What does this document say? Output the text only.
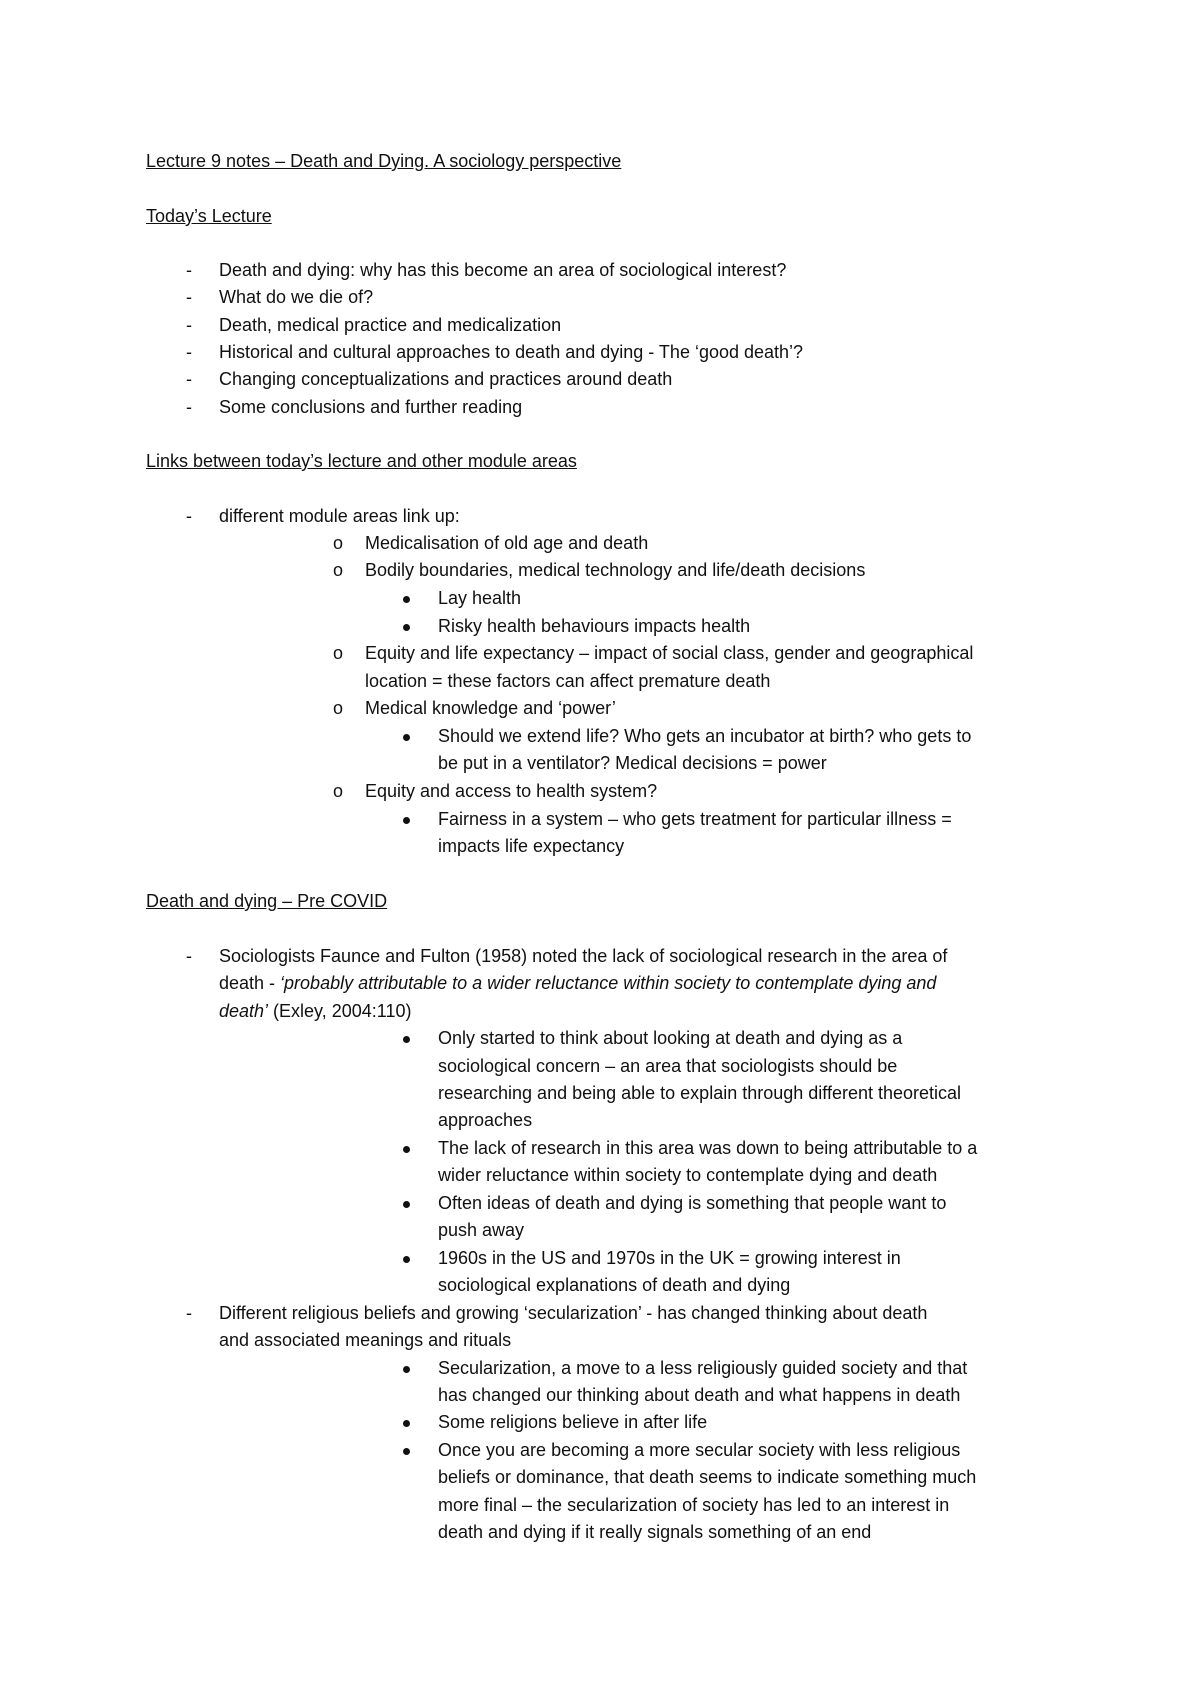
Lecture 9 notes – Death and Dying. A sociology perspective
Today’s Lecture
- Death and dying: why has this become an area of sociological interest?
- What do we die of?
- Death, medical practice and medicalization
- Historical and cultural approaches to death and dying - The ‘good death’?
- Changing conceptualizations and practices around death
- Some conclusions and further reading
Links between today’s lecture and other module areas
- different module areas link up:
o Medicalisation of old age and death
o Bodily boundaries, medical technology and life/death decisions
Lay health
Risky health behaviours impacts health
o Equity and life expectancy – impact of social class, gender and geographical
location = these factors can affect premature death
o Medical knowledge and ‘power’
Should we extend life? Who gets an incubator at birth? who gets to
be put in a ventilator? Medical decisions = power
o Equity and access to health system?
Fairness in a system – who gets treatment for particular illness =
impacts life expectancy
Death and dying – Pre COVID
- Sociologists Faunce and Fulton (1958) noted the lack of sociological research in the area of
death - ‘probably attributable to a wider reluctance within society to contemplate dying and
death’ (Exley, 2004:110)
Only started to think about looking at death and dying as a
sociological concern – an area that sociologists should be
researching and being able to explain through different theoretical
approaches
The lack of research in this area was down to being attributable to a
wider reluctance within society to contemplate dying and death
Often ideas of death and dying is something that people want to
push away
1960s in the US and 1970s in the UK = growing interest in
sociological explanations of death and dying
- Different religious beliefs and growing ‘secularization’ - has changed thinking about death
and associated meanings and rituals
Secularization, a move to a less religiously guided society and that
has changed our thinking about death and what happens in death
Some religions believe in after life
Once you are becoming a more secular society with less religious
beliefs or dominance, that death seems to indicate something much
more final – the secularization of society has led to an interest in
death and dying if it really signals something of an end
